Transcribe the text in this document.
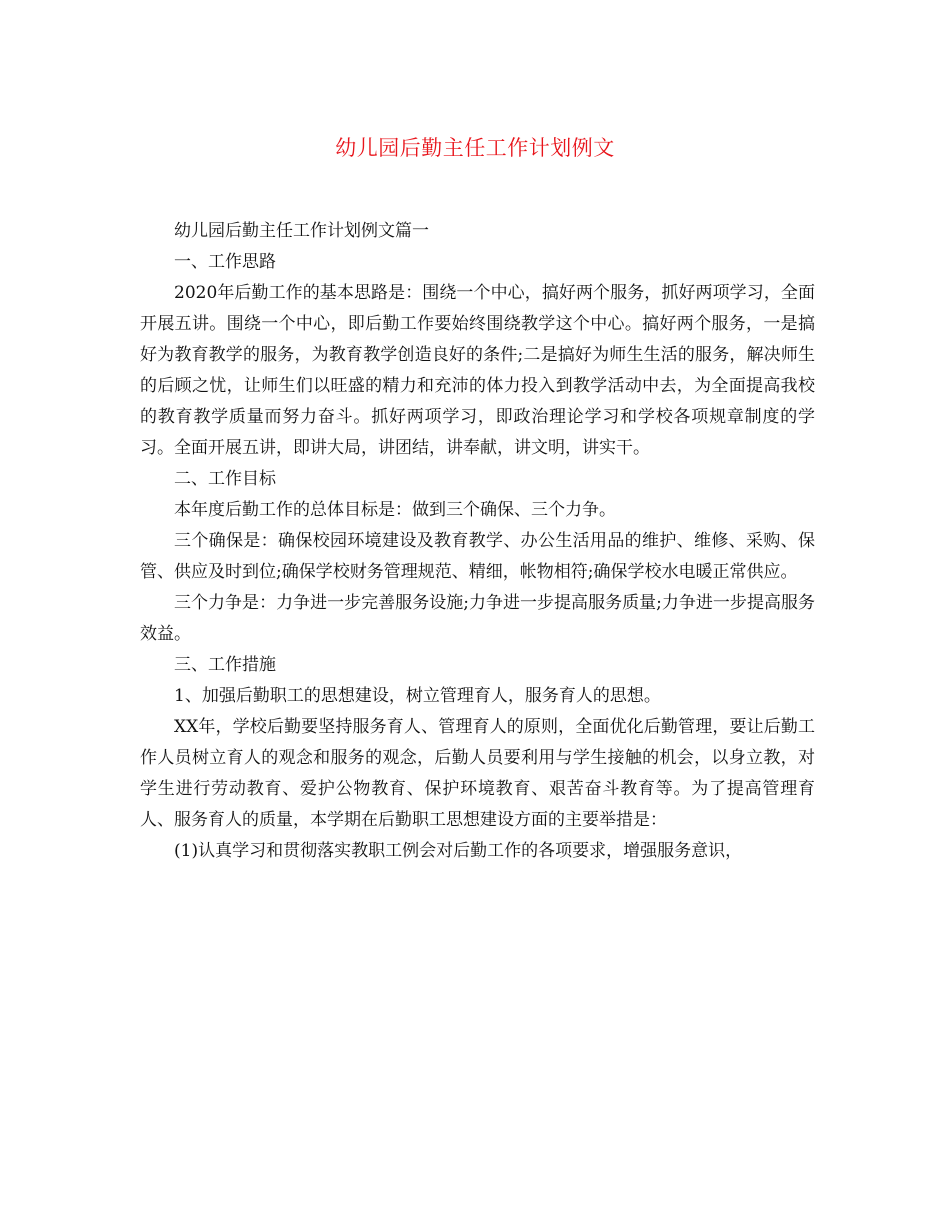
幼儿园后勤主任工作计划例文

幼儿园后勤主任工作计划例文篇一

一、工作思路

2020年后勤工作的基本思路是：围绕一个中心，搞好两个服务，抓好两项学习，全面开展五讲。围绕一个中心，即后勤工作要始终围绕教学这个中心。搞好两个服务，一是搞好为教育教学的服务，为教育教学创造良好的条件;二是搞好为师生生活的服务，解决师生的后顾之忧，让师生们以旺盛的精力和充沛的体力投入到教学活动中去，为全面提高我校的教育教学质量而努力奋斗。抓好两项学习，即政治理论学习和学校各项规章制度的学习。全面开展五讲，即讲大局，讲团结，讲奉献，讲文明，讲实干。

二、工作目标

本年度后勤工作的总体目标是：做到三个确保、三个力争。

三个确保是：确保校园环境建设及教育教学、办公生活用品的维护、维修、采购、保管、供应及时到位;确保学校财务管理规范、精细，帐物相符;确保学校水电暖正常供应。

三个力争是：力争进一步完善服务设施;力争进一步提高服务质量;力争进一步提高服务效益。

三、工作措施

1、加强后勤职工的思想建设，树立管理育人，服务育人的思想。

XX年，学校后勤要坚持服务育人、管理育人的原则，全面优化后勤管理，要让后勤工作人员树立育人的观念和服务的观念，后勤人员要利用与学生接触的机会，以身立教，对学生进行劳动教育、爱护公物教育、保护环境教育、艰苦奋斗教育等。为了提高管理育人、服务育人的质量，本学期在后勤职工思想建设方面的主要举措是：

(1)认真学习和贯彻落实教职工例会对后勤工作的各项要求，增强服务意识，
